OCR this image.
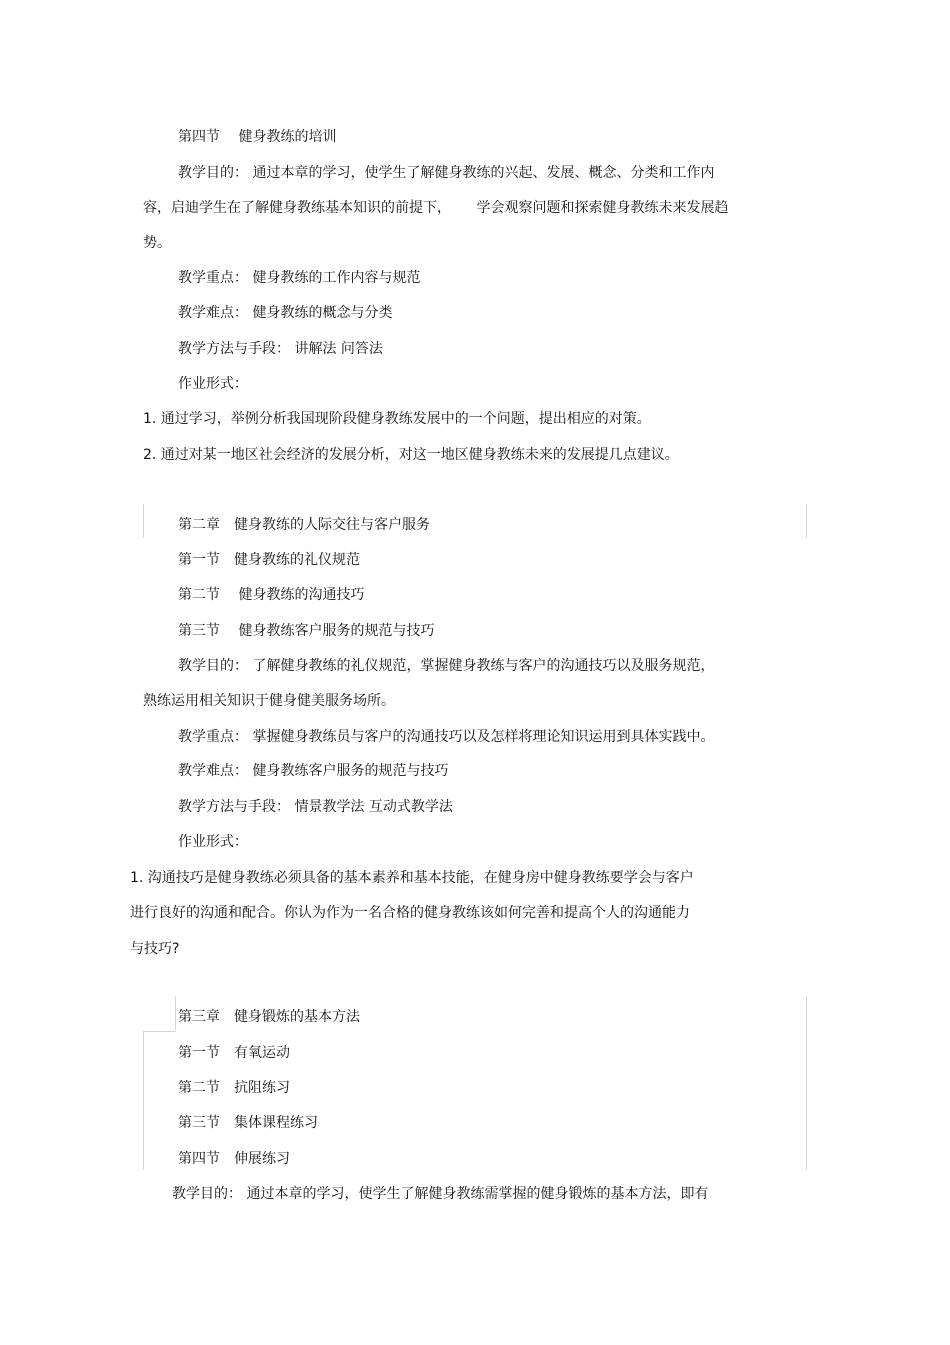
第四节　 健身教练的培训

教学目的： 通过本章的学习，使学生了解健身教练的兴起、发展、概念、分类和工作内

容，启迪学生在了解健身教练基本知识的前提下，　　 学会观察问题和探索健身教练未来发展趋

势。

教学重点： 健身教练的工作内容与规范

教学难点： 健身教练的概念与分类

教学方法与手段： 讲解法 问答法

作业形式：

1. 通过学习，举例分析我国现阶段健身教练发展中的一个问题，提出相应的对策。

2. 通过对某一地区社会经济的发展分析，对这一地区健身教练未来的发展提几点建议。

第二章　健身教练的人际交往与客户服务

第一节　健身教练的礼仪规范

第二节　 健身教练的沟通技巧

第三节　 健身教练客户服务的规范与技巧

教学目的： 了解健身教练的礼仪规范，掌握健身教练与客户的沟通技巧以及服务规范，

熟练运用相关知识于健身健美服务场所。

教学重点： 掌握健身教练员与客户的沟通技巧以及怎样将理论知识运用到具体实践中。

教学难点： 健身教练客户服务的规范与技巧

教学方法与手段： 情景教学法 互动式教学法

作业形式：

1. 沟通技巧是健身教练必须具备的基本素养和基本技能，在健身房中健身教练要学会与客户

进行良好的沟通和配合。你认为作为一名合格的健身教练该如何完善和提高个人的沟通能力

与技巧?

第三章　健身锻炼的基本方法

第一节　有氧运动

第二节　抗阻练习

第三节　集体课程练习

第四节　伸展练习

教学目的： 通过本章的学习，使学生了解健身教练需掌握的健身锻炼的基本方法，即有
